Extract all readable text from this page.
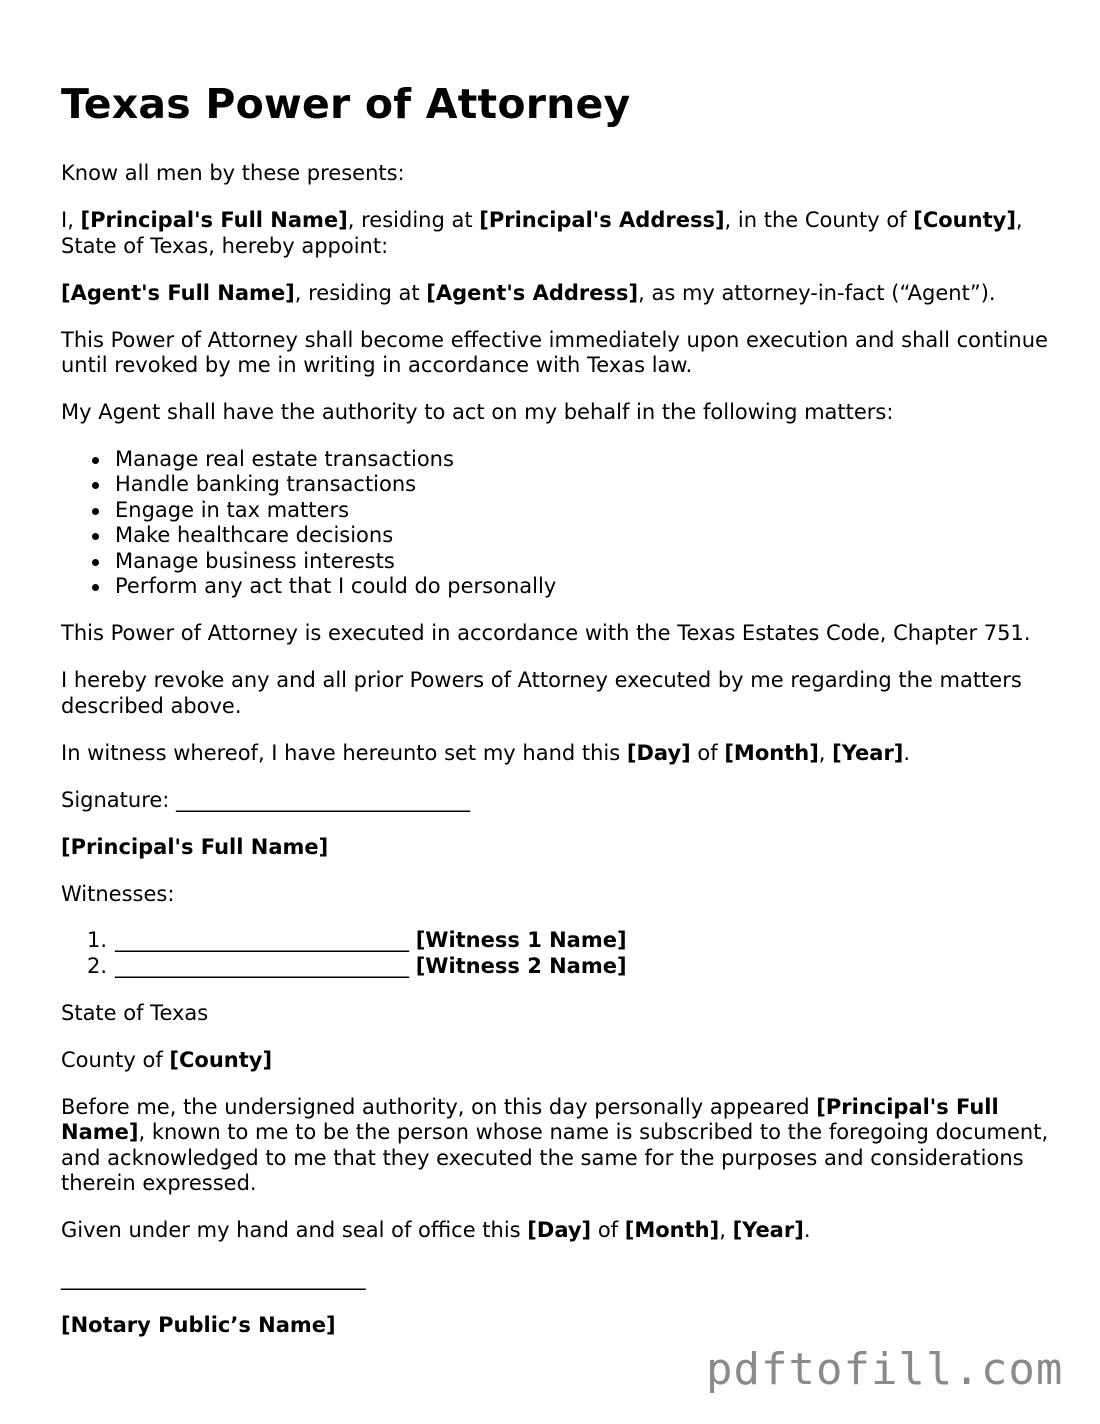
Texas Power of Attorney

Know all men by these presents:

I, [Principal's Full Name], residing at [Principal's Address], in the County of [County], State of Texas, hereby appoint:

[Agent's Full Name], residing at [Agent's Address], as my attorney-in-fact (“Agent”).

This Power of Attorney shall become effective immediately upon execution and shall continue until revoked by me in writing in accordance with Texas law.

My Agent shall have the authority to act on my behalf in the following matters:

Manage real estate transactions
Handle banking transactions
Engage in tax matters
Make healthcare decisions
Manage business interests
Perform any act that I could do personally

This Power of Attorney is executed in accordance with the Texas Estates Code, Chapter 751.

I hereby revoke any and all prior Powers of Attorney executed by me regarding the matters described above.

In witness whereof, I have hereunto set my hand this [Day] of [Month], [Year].

Signature: ____________________________

[Principal's Full Name]

Witnesses:

1. ____________________________ [Witness 1 Name]
2. ____________________________ [Witness 2 Name]

State of Texas

County of [County]

Before me, the undersigned authority, on this day personally appeared [Principal's Full Name], known to me to be the person whose name is subscribed to the foregoing document, and acknowledged to me that they executed the same for the purposes and considerations therein expressed.

Given under my hand and seal of office this [Day] of [Month], [Year].

_____________________________

[Notary Public’s Name]

pdftofill.com
